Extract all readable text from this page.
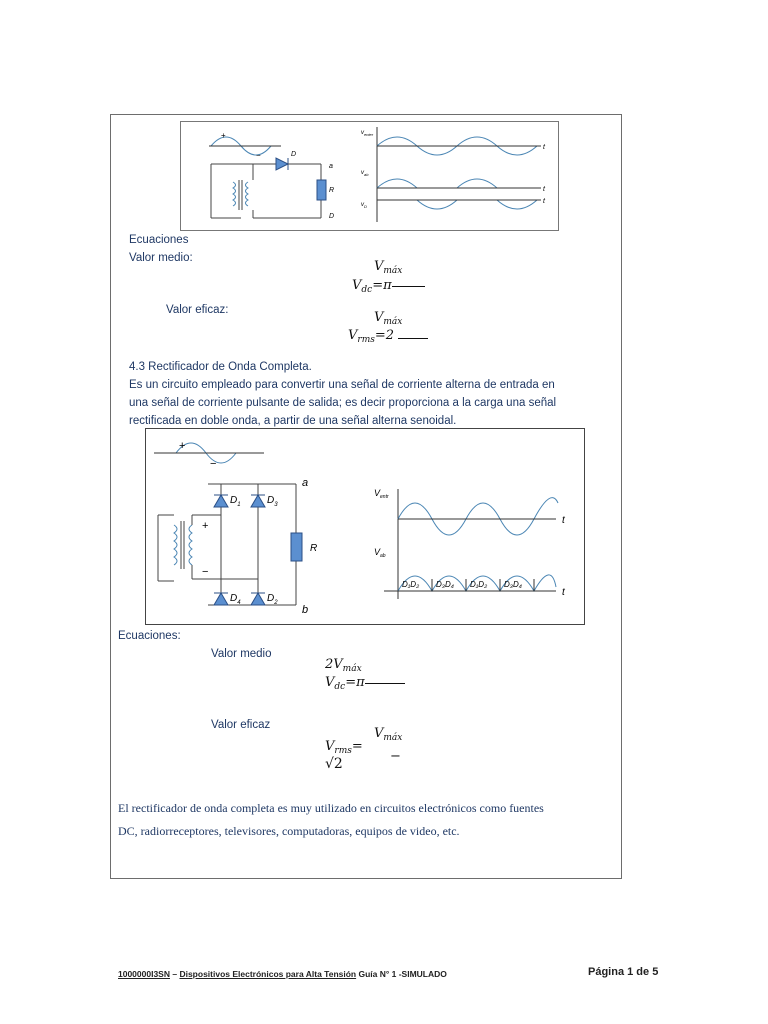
+
−	D
a
R
D
$v_{enter}$
t
$v_{ab}$
t
$v_D$
t
Ecuaciones
Valor medio:
$V_{máx}$
$V_{dc}=\pi$
Valor eficaz:	$V_{máx}$
$V_{rms}=2$
4.3 Rectificador de Onda Completa.
Es un circuito empleado para convertir una señal de corriente alterna de entrada en
una señal de corriente pulsante de salida; es decir proporciona a la carga una señal
rectificada en doble onda, a partir de una señal alterna senoidal.
+
−
+
−
$D_1$	$D_3$
$D_4$	$D_2$
a
R
b
$V_{entr}$
t
$V_{ab}$
D₁D₂ D₃D₄ D₁D₂ D₃D₄
t
Ecuaciones:
Valor medio
$2V_{máx}$
$V_{dc}=\pi$
Valor eficaz
$V_{máx}$
$V_{rms}=$
−
√2
El rectificador de onda completa es muy utilizado en circuitos electrónicos como fuentes
DC, radiorreceptores, televisores, computadoras, equipos de video, etc.
1000000I3SN – Dispositivos Electrónicos para Alta Tensión Guía N° 1 -SIMULADO	Página 1 de 5
